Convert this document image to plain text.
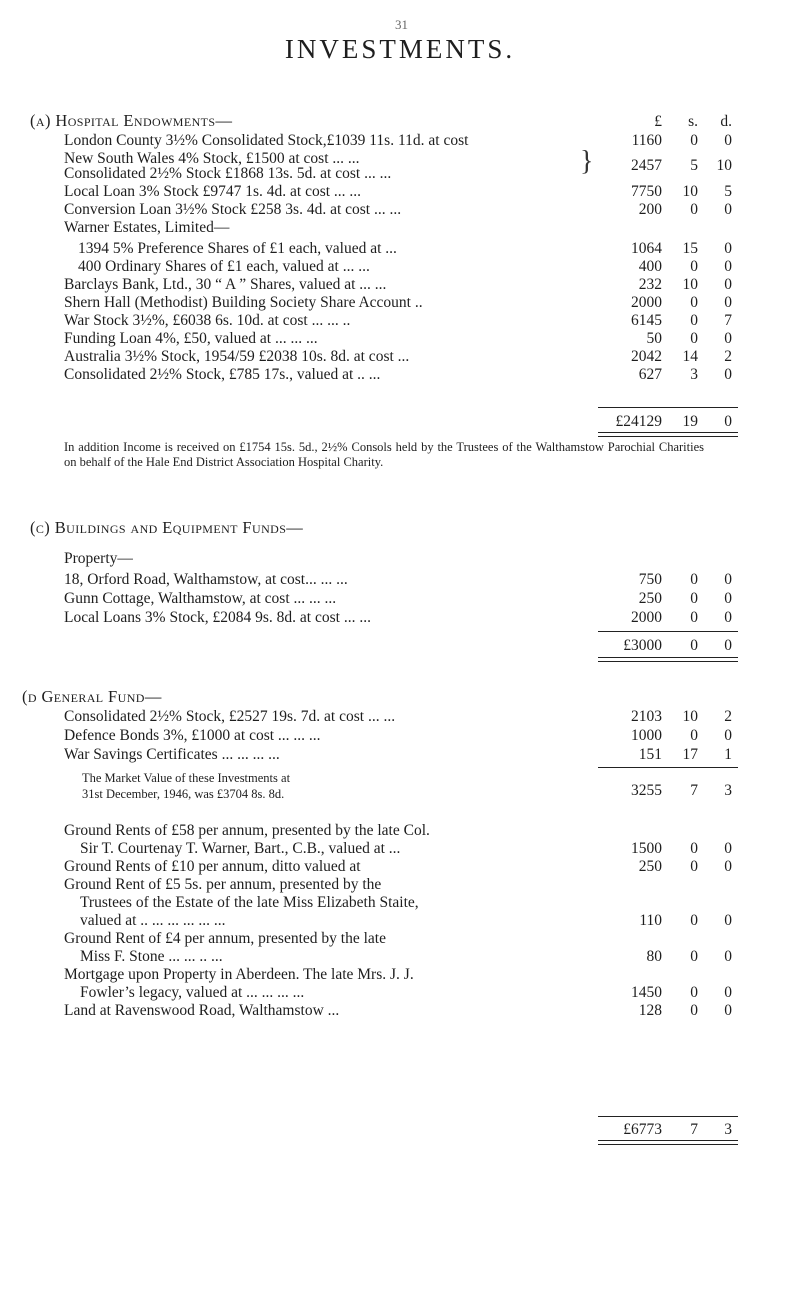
31
INVESTMENTS.
£	s.	d.
(a) Hospital Endowments—
London County 3½% Consolidated Stock,£1039 11s. 11d. at cost	1160	0	0
New South Wales 4% Stock, £1500 at cost ... ...
Consolidated 2½% Stock £1868 13s. 5d. at cost ... ...	2457	5 10
Local Loan 3% Stock £9747 1s. 4d. at cost ... ...	7750	10	5
Conversion Loan 3½% Stock £258 3s. 4d. at cost ... ...	200	0	0
Warner Estates, Limited—
1394 5% Preference Shares of £1 each, valued at ...	1064	15	0
400 Ordinary Shares of £1 each, valued at ... ...	400	0	0
Barclays Bank, Ltd., 30 “ A ” Shares, valued at ... ...	232	10	0
Shern Hall (Methodist) Building Society Share Account ..	2000	0	0
War Stock 3½%, £6038 6s. 10d. at cost ... ... ..	6145	0	7
Funding Loan 4%, £50, valued at ... ... ...	50	0	0
Australia 3½% Stock, 1954/59 £2038 10s. 8d. at cost ...	2042	14	2
Consolidated 2½% Stock, £785 17s., valued at .. ...	627	3	0
}
£24129	19	0
In addition Income is received on £1754 15s. 5d., 2½% Consols held by the Trustees of the Walthamstow Parochial Charities on behalf of the Hale End District Association Hospital Charity.
(c) Buildings and Equipment Funds—
Property—
18, Orford Road, Walthamstow, at cost... ... ...	750	0	0
Gunn Cottage, Walthamstow, at cost ... ... ...	250	0	0
Local Loans 3% Stock, £2084 9s. 8d. at cost ... ...	2000	0	0
£3000	0	0
(d General Fund—
Consolidated 2½% Stock, £2527 19s. 7d. at cost ... ...	2103	10	2
Defence Bonds 3%, £1000 at cost ... ... ...	1000	0	0
War Savings Certificates ... ... ... ...	151	17	1
The Market Value of these Investments at
31st December, 1946, was £3704 8s. 8d.	3255	7	3
Ground Rents of £58 per annum, presented by the late Col.
Sir T. Courtenay T. Warner, Bart., C.B., valued at ...	1500	0	0
Ground Rents of £10 per annum, ditto valued at	250	0	0
Ground Rent of £5 5s. per annum, presented by the
Trustees of the Estate of the late Miss Elizabeth Staite,
valued at .. ... ... ... ... ...	110	0	0
Ground Rent of £4 per annum, presented by the late
Miss F. Stone ... ... .. ...	80	0	0
Mortgage upon Property in Aberdeen. The late Mrs. J. J.
Fowler’s legacy, valued at ... ... ... ...	1450	0	0
Land at Ravenswood Road, Walthamstow ...	128	0	0
£6773	7	3
